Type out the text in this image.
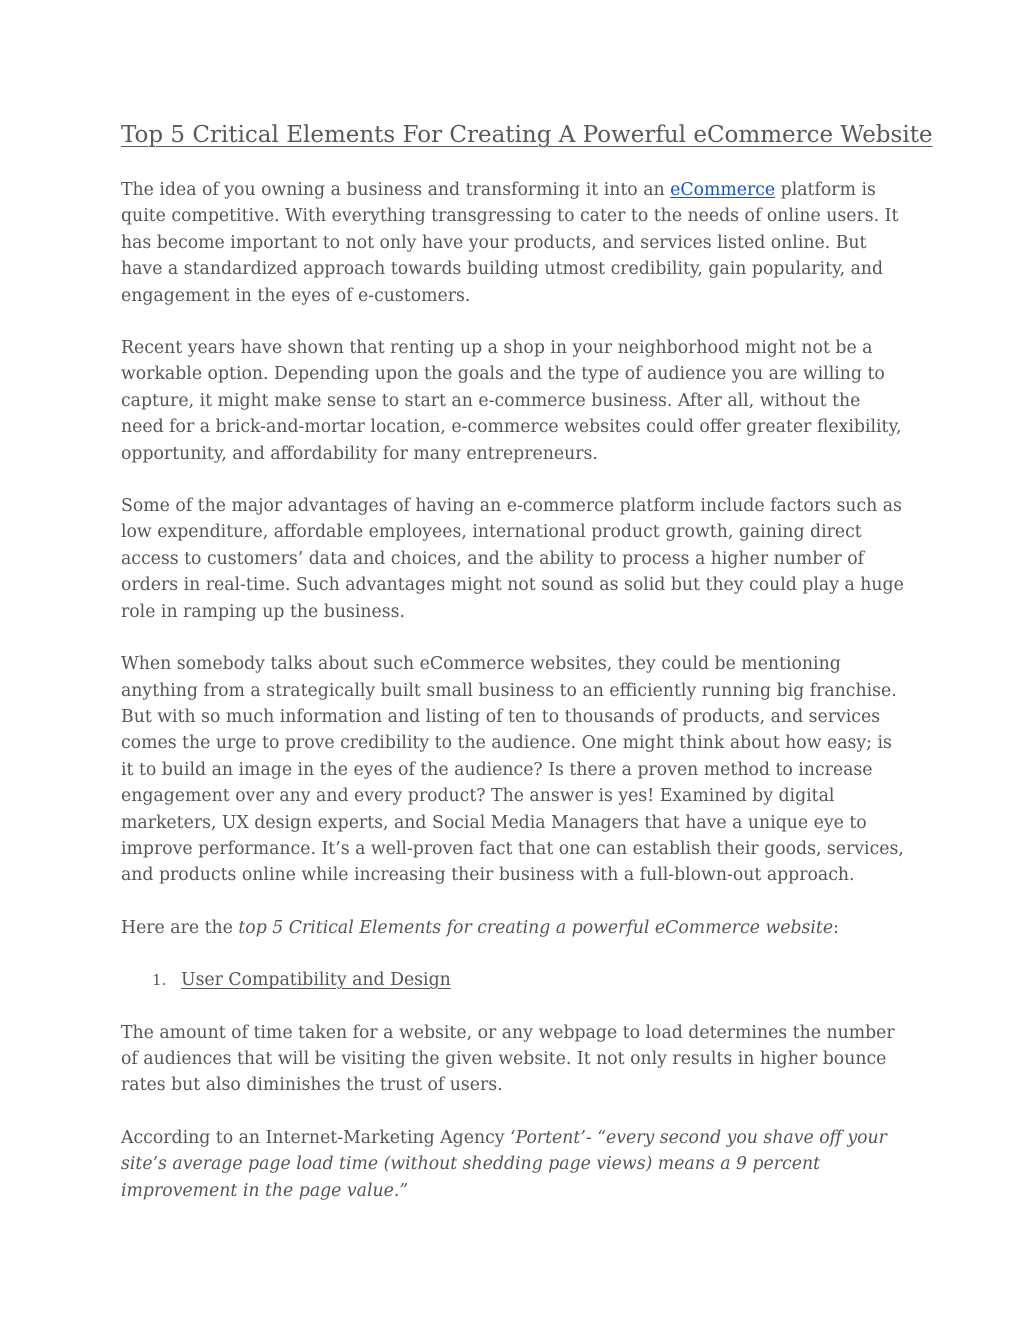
Top 5 Critical Elements For Creating A Powerful eCommerce Website

The idea of you owning a business and transforming it into an eCommerce platform is quite competitive. With everything transgressing to cater to the needs of online users. It has become important to not only have your products, and services listed online. But have a standardized approach towards building utmost credibility, gain popularity, and engagement in the eyes of e-customers.

Recent years have shown that renting up a shop in your neighborhood might not be a workable option. Depending upon the goals and the type of audience you are willing to capture, it might make sense to start an e-commerce business. After all, without the need for a brick-and-mortar location, e-commerce websites could offer greater flexibility, opportunity, and affordability for many entrepreneurs.

Some of the major advantages of having an e-commerce platform include factors such as low expenditure, affordable employees, international product growth, gaining direct access to customers’ data and choices, and the ability to process a higher number of orders in real-time. Such advantages might not sound as solid but they could play a huge role in ramping up the business.

When somebody talks about such eCommerce websites, they could be mentioning anything from a strategically built small business to an efficiently running big franchise. But with so much information and listing of ten to thousands of products, and services comes the urge to prove credibility to the audience. One might think about how easy; is it to build an image in the eyes of the audience? Is there a proven method to increase engagement over any and every product? The answer is yes! Examined by digital marketers, UX design experts, and Social Media Managers that have a unique eye to improve performance. It’s a well-proven fact that one can establish their goods, services, and products online while increasing their business with a full-blown-out approach.

Here are the top 5 Critical Elements for creating a powerful eCommerce website:

1. User Compatibility and Design

The amount of time taken for a website, or any webpage to load determines the number of audiences that will be visiting the given website. It not only results in higher bounce rates but also diminishes the trust of users.

According to an Internet-Marketing Agency ‘Portent’- “every second you shave off your site’s average page load time (without shedding page views) means a 9 percent improvement in the page value.”
